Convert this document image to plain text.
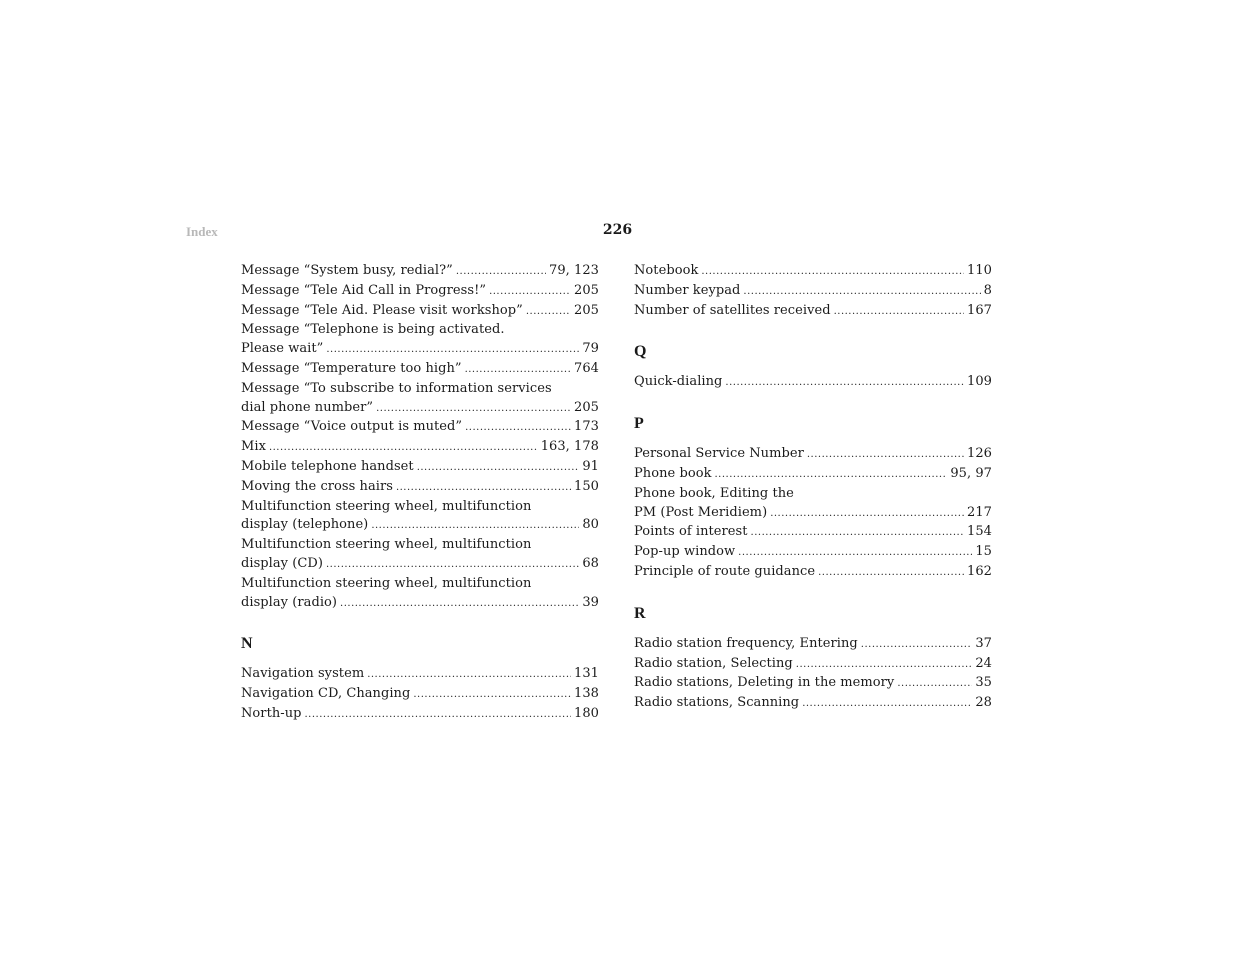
Index	226
Message “System busy, redial?” .....	79, 123
Message “Tele Aid Call in Progress!” .....	205
Message “Tele Aid. Please visit workshop” .....	205
Message “Telephone is being activated.
Please wait” .....	79
Message “Temperature too high” .....	764
Message “To subscribe to information services
dial phone number” .....	205
Message “Voice output is muted” .....	173
Mix .....	163, 178
Mobile telephone handset .....	91
Moving the cross hairs .....	150
Multifunction steering wheel, multifunction
display (telephone) .....	80
Multifunction steering wheel, multifunction
display (CD) .....	68
Multifunction steering wheel, multifunction
display (radio) .....	39
N
Navigation system .....	131
Navigation CD, Changing .....	138
North-up .....	180
Notebook .....	110
Number keypad .....	8
Number of satellites received .....	167
Q
Quick-dialing .....	109
P
Personal Service Number .....	126
Phone book .....	95, 97
Phone book, Editing the
PM (Post Meridiem) .....	217
Points of interest .....	154
Pop-up window .....	15
Principle of route guidance .....	162
R
Radio station frequency, Entering .....	37
Radio station, Selecting .....	24
Radio stations, Deleting in the memory .....	35
Radio stations, Scanning .....	28
